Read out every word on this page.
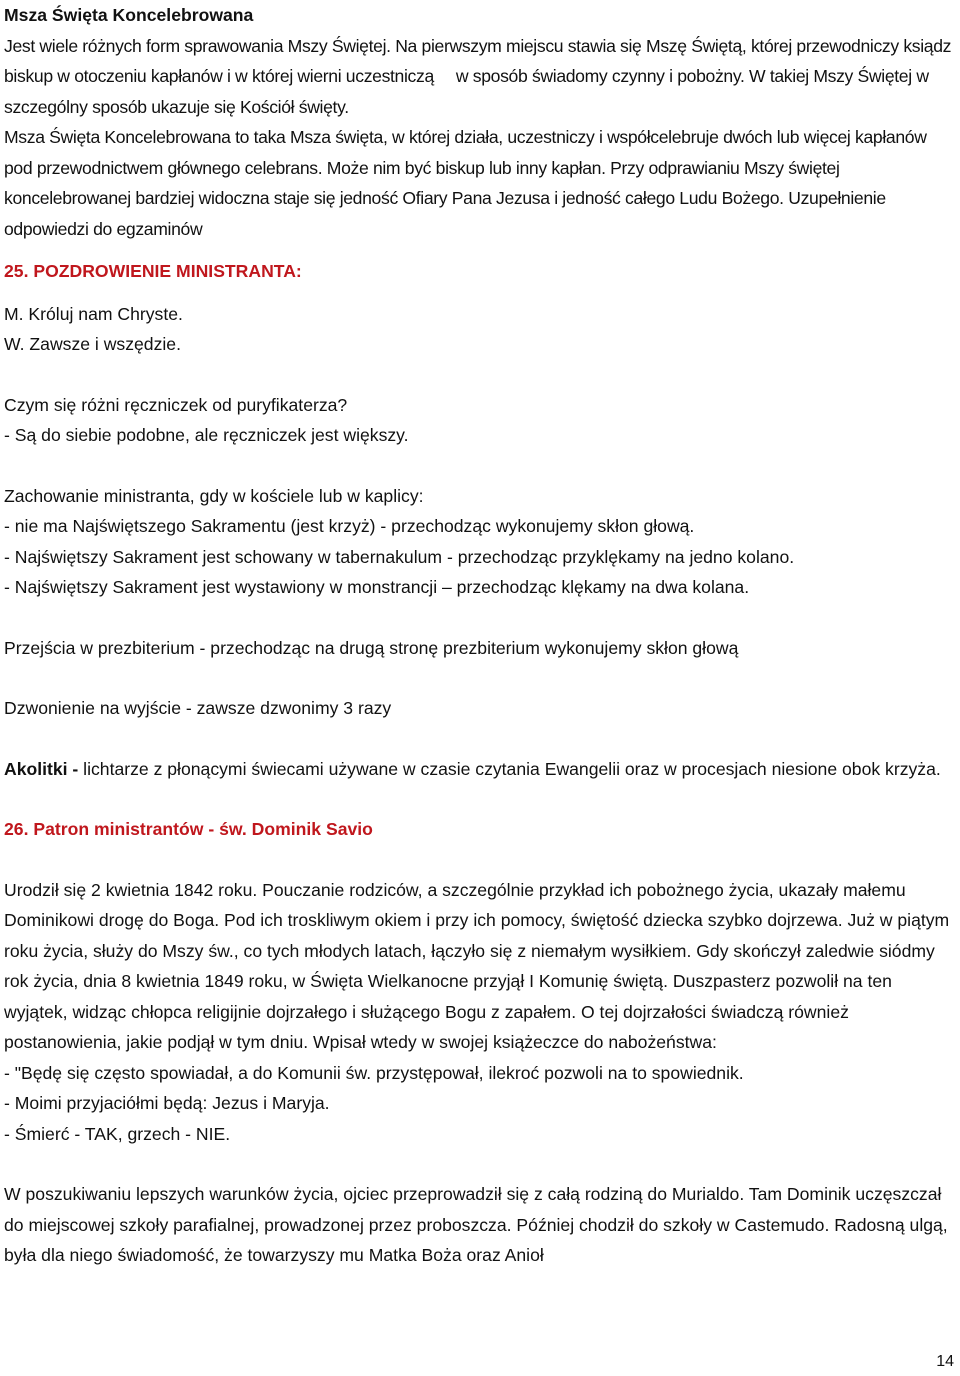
Msza Święta Koncelebrowana
Jest wiele różnych form sprawowania Mszy Świętej. Na pierwszym miejscu stawia się Mszę Świętą, której przewodniczy ksiądz biskup w otoczeniu kapłanów i w której wierni uczestniczą w sposób świadomy czynny i pobożny. W takiej Mszy Świętej w szczególny sposób ukazuje się Kościół święty.
Msza Święta Koncelebrowana to taka Msza święta, w której działa, uczestniczy i współcelebruje dwóch lub więcej kapłanów pod przewodnictwem głównego celebrans. Może nim być biskup lub inny kapłan. Przy odprawianiu Mszy świętej koncelebrowanej bardziej widoczna staje się jedność Ofiary Pana Jezusa i jedność całego Ludu Bożego. Uzupełnienie odpowiedzi do egzaminów
25. POZDROWIENIE MINISTRANTA:
M. Króluj nam Chryste.
W. Zawsze i wszędzie.
Czym się różni ręczniczek od puryfikaterza?
- Są do siebie podobne, ale ręczniczek jest większy.
Zachowanie ministranta, gdy w kościele lub w kaplicy:
- nie ma Najświętszego Sakramentu (jest krzyż) - przechodząc wykonujemy skłon głową.
- Najświętszy Sakrament jest schowany w tabernakulum - przechodząc przyklękamy na jedno kolano.
- Najświętszy Sakrament jest wystawiony w monstrancji – przechodząc klękamy na dwa kolana.
Przejścia w prezbiterium - przechodząc na drugą stronę prezbiterium wykonujemy skłon głową
Dzwonienie na wyjście - zawsze dzwonimy 3 razy
Akolitki - lichtarze z płonącymi świecami używane w czasie czytania Ewangelii oraz w procesjach niesione obok krzyża.
26. Patron ministrantów - św. Dominik Savio
Urodził się 2 kwietnia 1842 roku. Pouczanie rodziców, a szczególnie przykład ich pobożnego życia, ukazały małemu Dominikowi drogę do Boga. Pod ich troskliwym okiem i przy ich pomocy, świętość dziecka szybko dojrzewa. Już w piątym roku życia, służy do Mszy św., co tych młodych latach, łączyło się z niemałym wysiłkiem. Gdy skończył zaledwie siódmy rok życia, dnia 8 kwietnia 1849 roku, w Święta Wielkanocne przyjął I Komunię świętą. Duszpasterz pozwolił na ten wyjątek, widząc chłopca religijnie dojrzałego i służącego Bogu z zapałem. O tej dojrzałości świadczą również postanowienia, jakie podjął w tym dniu. Wpisał wtedy w swojej książeczce do nabożeństwa:
- "Będę się często spowiadał, a do Komunii św. przystępował, ilekroć pozwoli na to spowiednik.
- Moimi przyjaciółmi będą: Jezus i Maryja.
- Śmierć - TAK, grzech - NIE.
W poszukiwaniu lepszych warunków życia, ojciec przeprowadził się z całą rodziną do Murialdo. Tam Dominik uczęszczał do miejscowej szkoły parafialnej, prowadzonej przez proboszcza. Później chodził do szkoły w Castemudo. Radosną ulgą, była dla niego świadomość, że towarzyszy mu Matka Boża oraz Anioł
14
